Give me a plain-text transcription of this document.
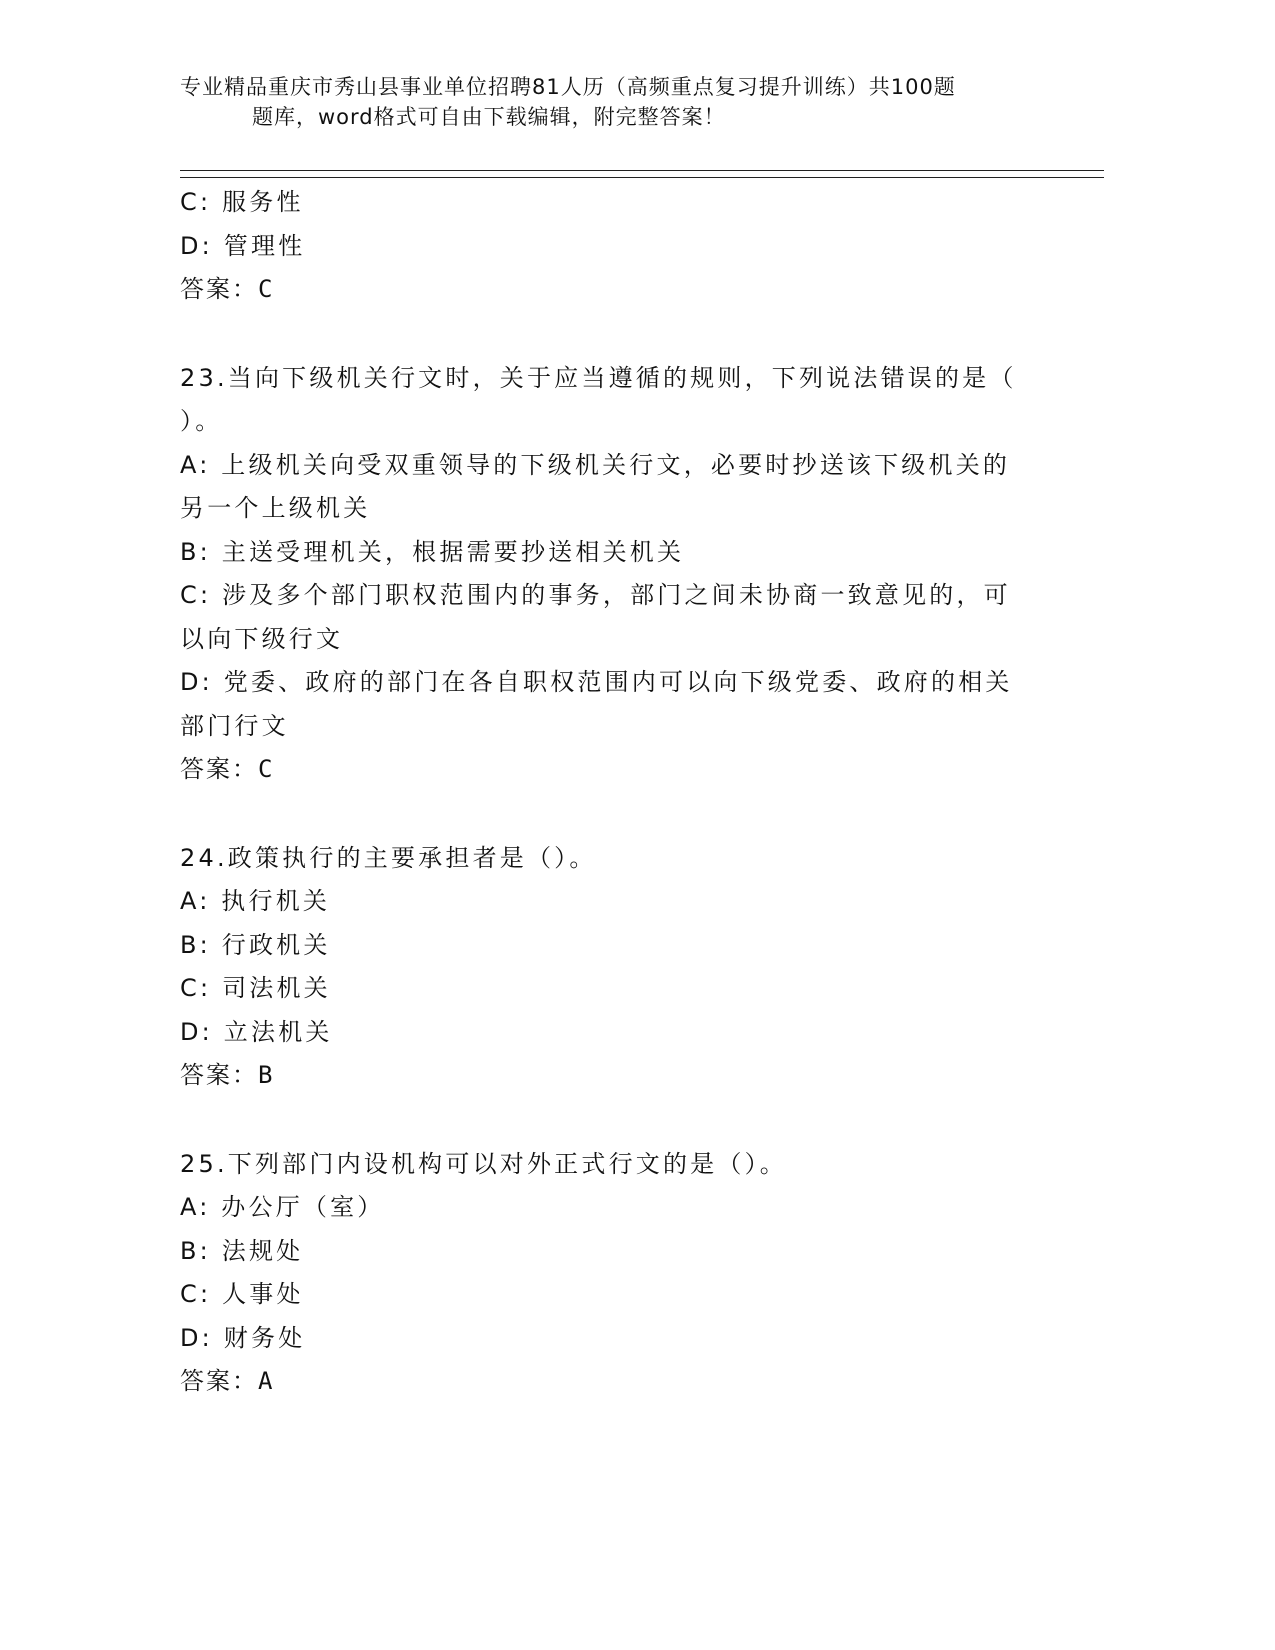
专业精品重庆市秀山县事业单位招聘81人历（高频重点复习提升训练）共100题
题库，word格式可自由下载编辑，附完整答案！

C: 服务性

D: 管理性

答案：C

23.当向下级机关行文时，关于应当遵循的规则，下列说法错误的是（

）。

A: 上级机关向受双重领导的下级机关行文，必要时抄送该下级机关的

另一个上级机关

B: 主送受理机关，根据需要抄送相关机关

C: 涉及多个部门职权范围内的事务，部门之间未协商一致意见的，可

以向下级行文

D: 党委、政府的部门在各自职权范围内可以向下级党委、政府的相关

部门行文

答案：C

24.政策执行的主要承担者是（）。

A: 执行机关

B: 行政机关

C: 司法机关

D: 立法机关

答案：B

25.下列部门内设机构可以对外正式行文的是（）。

A: 办公厅（室）

B: 法规处

C: 人事处

D: 财务处

答案：A
